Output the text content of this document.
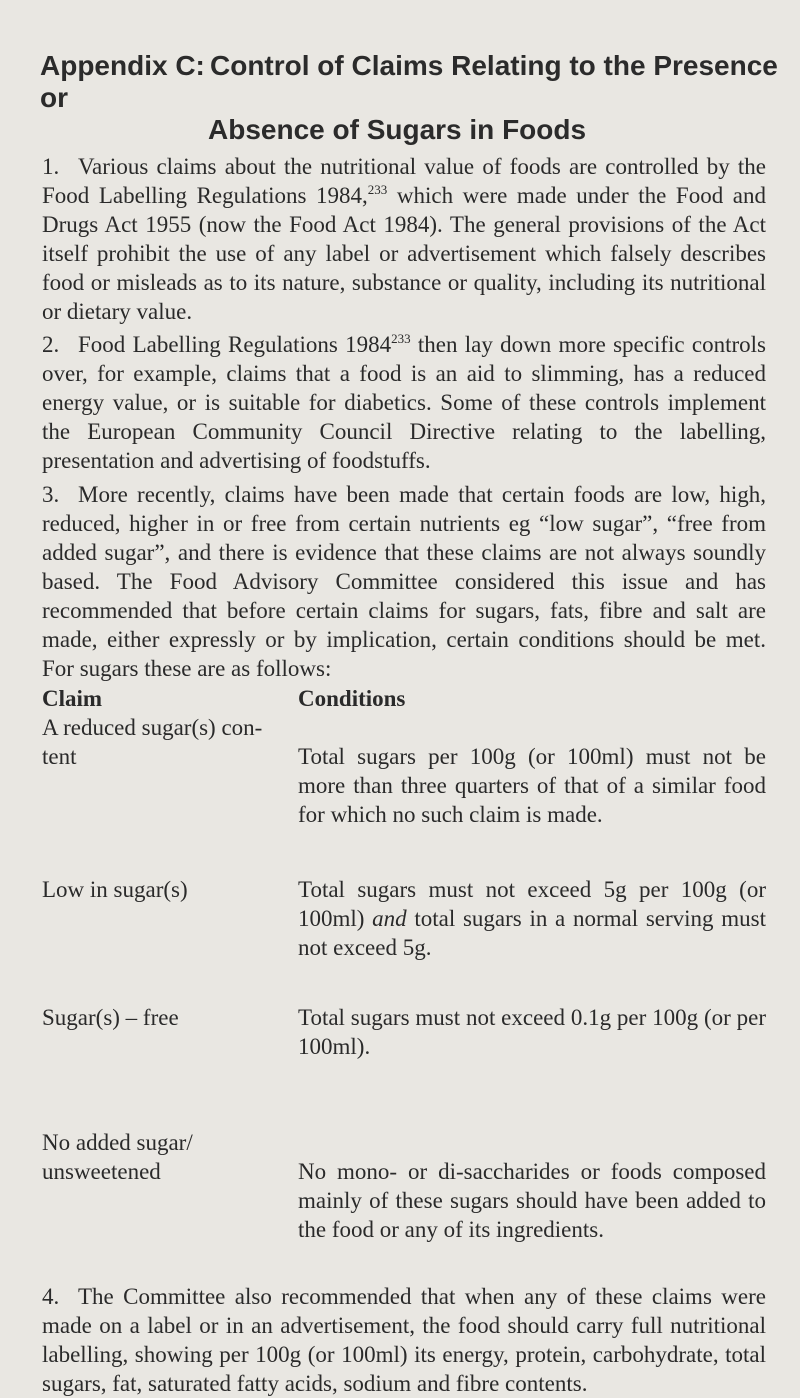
Appendix C: Control of Claims Relating to the Presence or
Absence of Sugars in Foods
1. Various claims about the nutritional value of foods are controlled by the Food Labelling Regulations 1984,$^{233}$ which were made under the Food and Drugs Act 1955 (now the Food Act 1984). The general provisions of the Act itself prohibit the use of any label or advertisement which falsely describes food or misleads as to its nature, substance or quality, including its nutritional or dietary value.
2. Food Labelling Regulations 1984$^{233}$ then lay down more specific controls over, for example, claims that a food is an aid to slimming, has a reduced energy value, or is suitable for diabetics. Some of these controls implement the European Community Council Directive relating to the labelling, presentation and advertising of foodstuffs.
3. More recently, claims have been made that certain foods are low, high, reduced, higher in or free from certain nutrients eg “low sugar”, “free from added sugar”, and there is evidence that these claims are not always soundly based. The Food Advisory Committee considered this issue and has recommended that before certain claims for sugars, fats, fibre and salt are made, either expressly or by implication, certain conditions should be met. For sugars these are as follows:
Claim	Conditions
A reduced sugar(s) con- tent	Total sugars per 100g (or 100ml) must not be more than three quarters of that of a similar food for which no such claim is made.
Low in sugar(s)	Total sugars must not exceed 5g per 100g (or 100ml) and total sugars in a normal serving must not exceed 5g.
Sugar(s) – free	Total sugars must not exceed 0.1g per 100g (or per 100ml).
No added sugar/ unsweetened	No mono- or di-saccharides or foods composed mainly of these sugars should have been added to the food or any of its ingredients.
4. The Committee also recommended that when any of these claims were made on a label or in an advertisement, the food should carry full nutritional labelling, showing per 100g (or 100ml) its energy, protein, carbohydrate, total sugars, fat, saturated fatty acids, sodium and fibre contents.
